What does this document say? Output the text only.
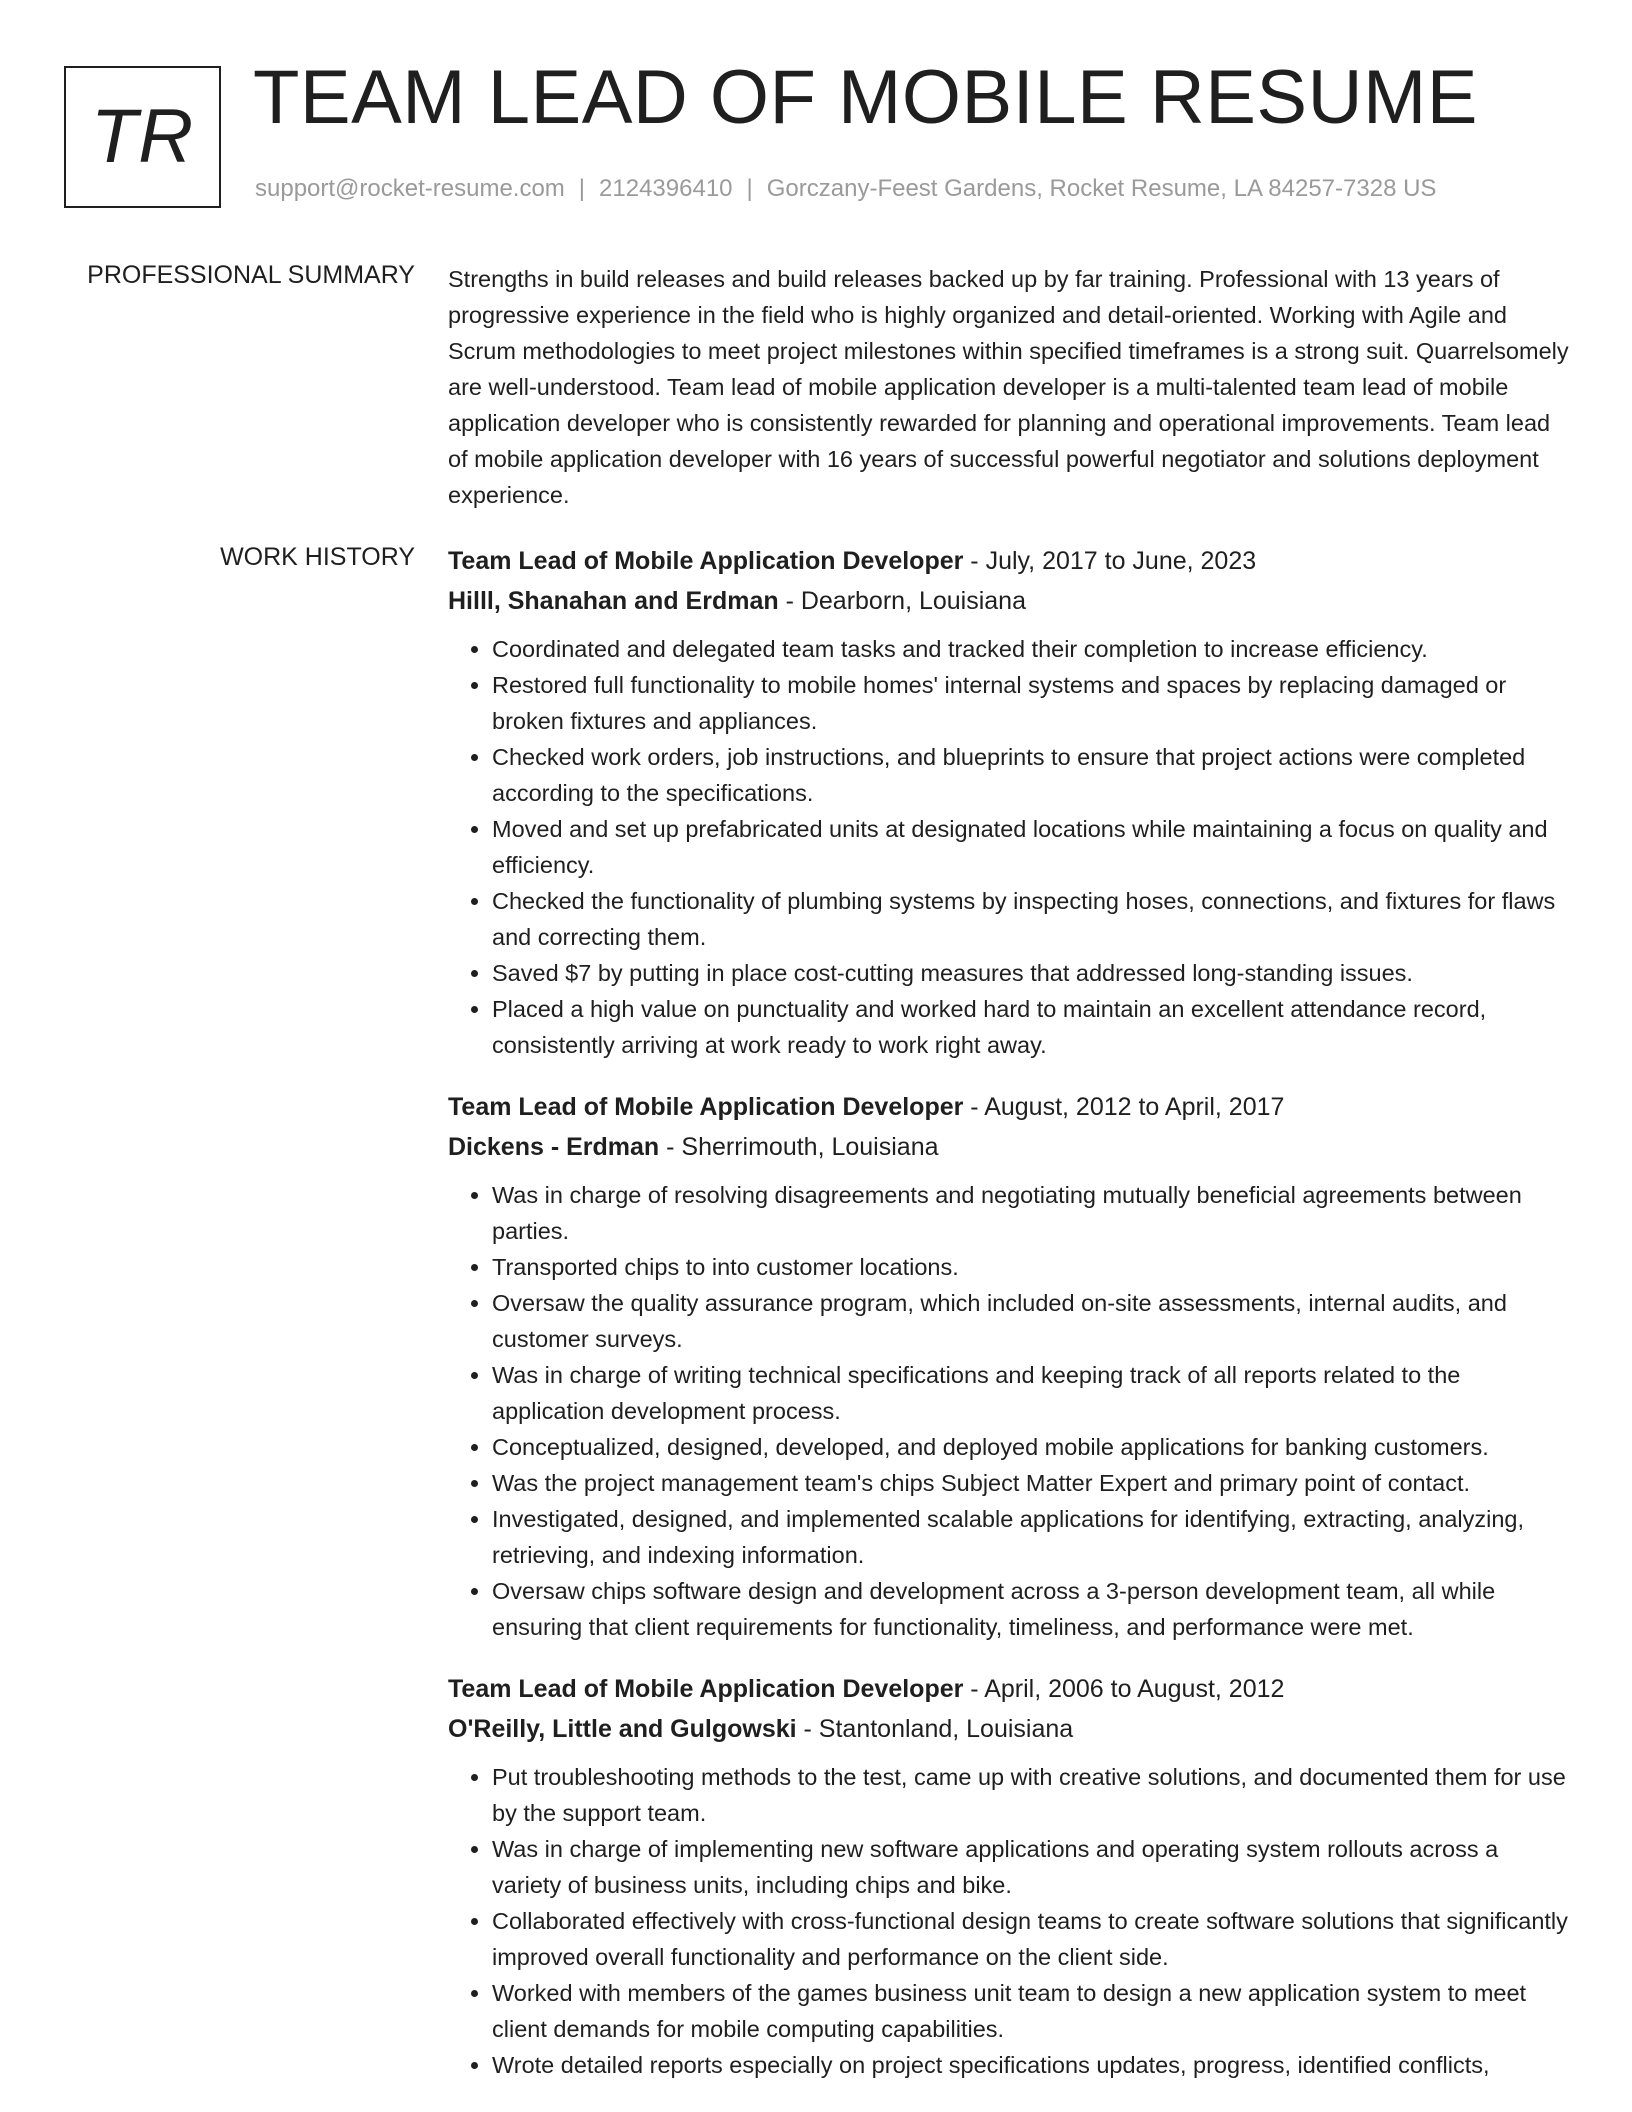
TR TEAM LEAD OF MOBILE RESUME
support@rocket-resume.com | 2124396410 | Gorczany-Feest Gardens, Rocket Resume, LA 84257-7328 US
PROFESSIONAL SUMMARY Strengths in build releases and build releases backed up by far training. Professional with 13 years of progressive experience in the field who is highly organized and detail-oriented. Working with Agile and Scrum methodologies to meet project milestones within specified timeframes is a strong suit. Quarrelsomely are well-understood. Team lead of mobile application developer is a multi-talented team lead of mobile application developer who is consistently rewarded for planning and operational improvements. Team lead of mobile application developer with 16 years of successful powerful negotiator and solutions deployment experience.

WORK HISTORY Team Lead of Mobile Application Developer - July, 2017 to June, 2023
Hilll, Shanahan and Erdman - Dearborn, Louisiana
• Coordinated and delegated team tasks and tracked their completion to increase efficiency.
• Restored full functionality to mobile homes' internal systems and spaces by replacing damaged or broken fixtures and appliances.
• Checked work orders, job instructions, and blueprints to ensure that project actions were completed according to the specifications.
• Moved and set up prefabricated units at designated locations while maintaining a focus on quality and efficiency.
• Checked the functionality of plumbing systems by inspecting hoses, connections, and fixtures for flaws and correcting them.
• Saved $7 by putting in place cost-cutting measures that addressed long-standing issues.
• Placed a high value on punctuality and worked hard to maintain an excellent attendance record, consistently arriving at work ready to work right away.
Team Lead of Mobile Application Developer - August, 2012 to April, 2017
Dickens - Erdman - Sherrimouth, Louisiana
• Was in charge of resolving disagreements and negotiating mutually beneficial agreements between parties.
• Transported chips to into customer locations.
• Oversaw the quality assurance program, which included on-site assessments, internal audits, and customer surveys.
• Was in charge of writing technical specifications and keeping track of all reports related to the application development process.
• Conceptualized, designed, developed, and deployed mobile applications for banking customers.
• Was the project management team's chips Subject Matter Expert and primary point of contact.
• Investigated, designed, and implemented scalable applications for identifying, extracting, analyzing, retrieving, and indexing information.
• Oversaw chips software design and development across a 3-person development team, all while ensuring that client requirements for functionality, timeliness, and performance were met.
Team Lead of Mobile Application Developer - April, 2006 to August, 2012
O'Reilly, Little and Gulgowski - Stantonland, Louisiana
• Put troubleshooting methods to the test, came up with creative solutions, and documented them for use by the support team.
• Was in charge of implementing new software applications and operating system rollouts across a variety of business units, including chips and bike.
• Collaborated effectively with cross-functional design teams to create software solutions that significantly improved overall functionality and performance on the client side.
• Worked with members of the games business unit team to design a new application system to meet client demands for mobile computing capabilities.
• Wrote detailed reports especially on project specifications updates, progress, identified conflicts,
